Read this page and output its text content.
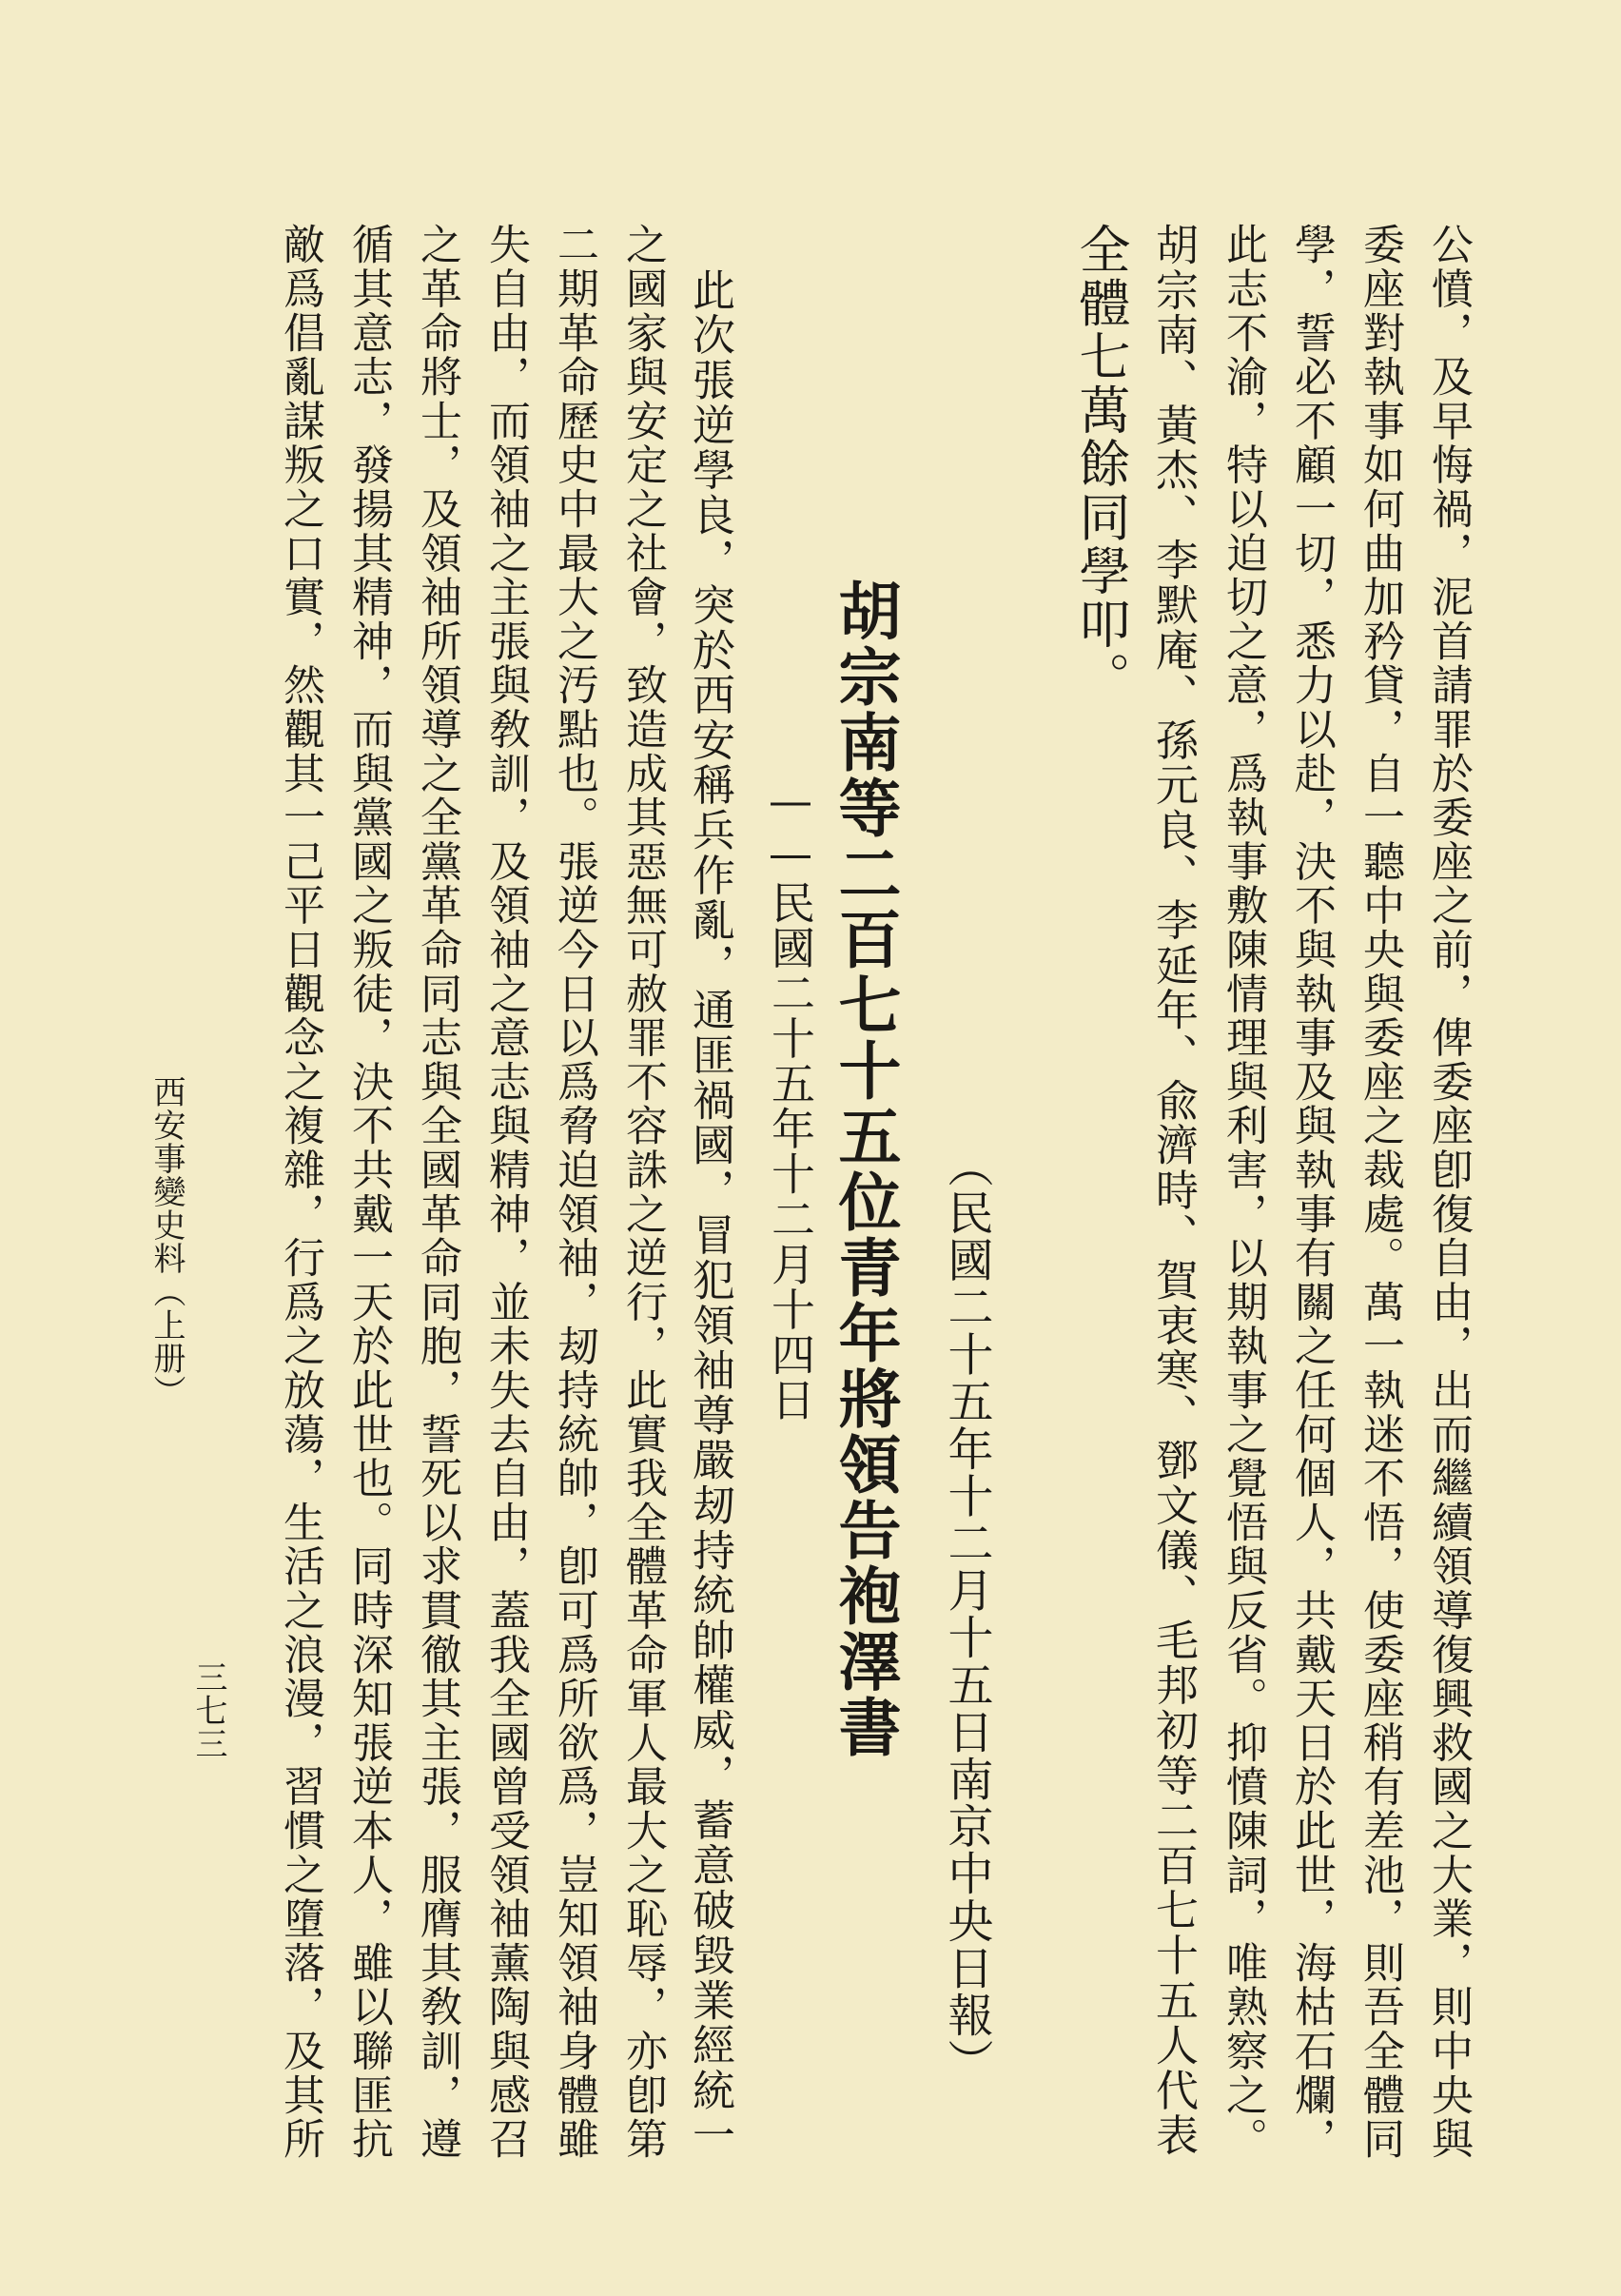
公憤，及早悔禍，泥首請罪於委座之前，俾委座卽復自由，出而繼續領導復興救國之大業，則中央與
委座對執事如何曲加矜貸，自一聽中央與委座之裁處。萬一執迷不悟，使委座稍有差池，則吾全體同
學，誓必不顧一切，悉力以赴，決不與執事及與執事有關之任何個人，共戴天日於此世，海枯石爛，
此志不渝，特以迫切之意，爲執事敷陳情理與利害，以期執事之覺悟與反省。抑憤陳詞，唯熟察之。
胡宗南、黃杰、李默庵、孫元良、李延年、兪濟時、賀衷寒、鄧文儀、毛邦初等二百七十五人代表
全體七萬餘同學叩。
（民國二十五年十二月十五日南京中央日報）
胡宗南等二百七十五位青年將領告袍澤書
——民國二十五年十二月十四日
　此次張逆學良，突於西安稱兵作亂，通匪禍國，冒犯領袖尊嚴刼持統帥權威，蓄意破毀業經統一
之國家與安定之社會，致造成其惡無可赦罪不容誅之逆行，此實我全體革命軍人最大之恥辱，亦卽第
二期革命歷史中最大之汚點也。張逆今日以爲脅迫領袖，刼持統帥，卽可爲所欲爲，豈知領袖身體雖
失自由，而領袖之主張與敎訓，及領袖之意志與精神，並未失去自由，蓋我全國曾受領袖薰陶與感召
之革命將士，及領袖所領導之全黨革命同志與全國革命同胞，誓死以求貫徹其主張，服膺其敎訓，遵
循其意志，發揚其精神，而與黨國之叛徒，決不共戴一天於此世也。同時深知張逆本人，雖以聯匪抗
敵爲倡亂謀叛之口實，然觀其一己平日觀念之複雜，行爲之放蕩，生活之浪漫，習慣之墮落，及其所
西安事變史料（上册）
三七三
